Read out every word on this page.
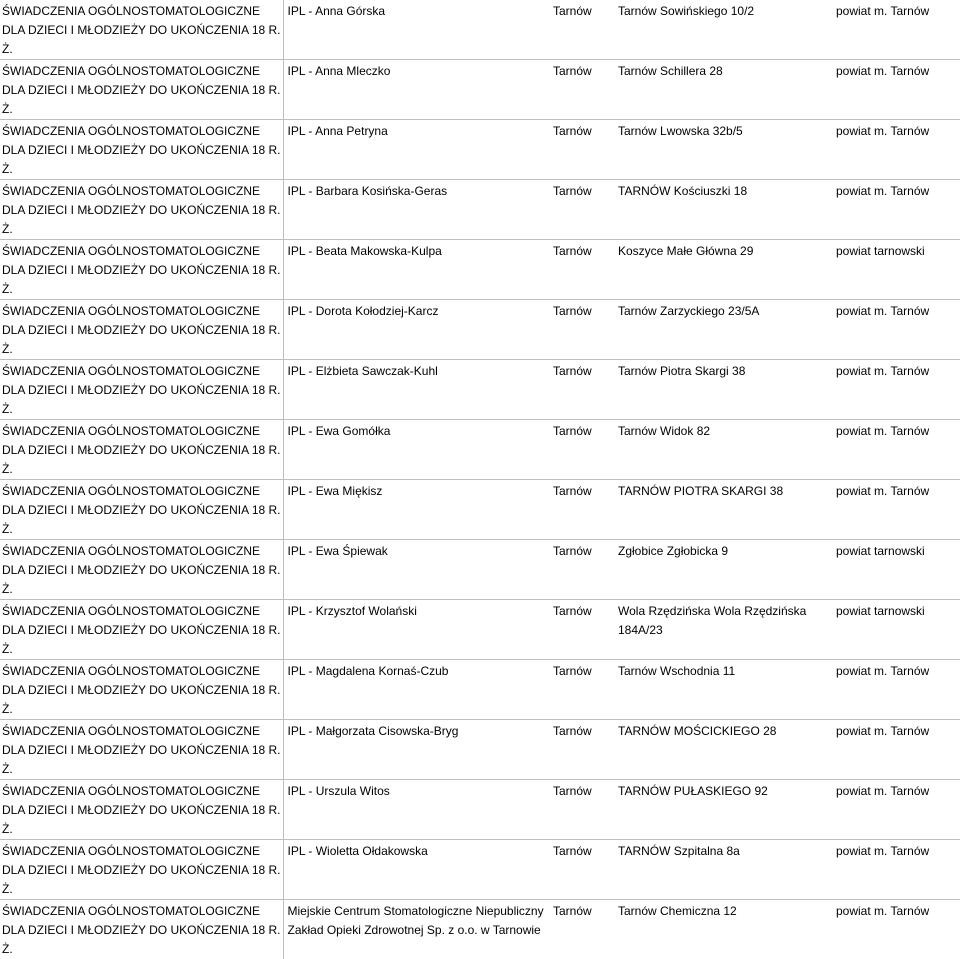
ŚWIADCZENIA OGÓLNOSTOMATOLOGICZNE DLA DZIECI I MŁODZIEŻY DO UKOŃCZENIA 18 R. Ż.	IPL - Anna Górska	Tarnów	Tarnów Sowińskiego 10/2	powiat m. Tarnów
ŚWIADCZENIA OGÓLNOSTOMATOLOGICZNE DLA DZIECI I MŁODZIEŻY DO UKOŃCZENIA 18 R. Ż.	IPL - Anna Mleczko	Tarnów	Tarnów Schillera 28	powiat m. Tarnów
ŚWIADCZENIA OGÓLNOSTOMATOLOGICZNE DLA DZIECI I MŁODZIEŻY DO UKOŃCZENIA 18 R. Ż.	IPL - Anna Petryna	Tarnów	Tarnów Lwowska 32b/5	powiat m. Tarnów
ŚWIADCZENIA OGÓLNOSTOMATOLOGICZNE DLA DZIECI I MŁODZIEŻY DO UKOŃCZENIA 18 R. Ż.	IPL - Barbara Kosińska-Geras	Tarnów	TARNÓW Kościuszki 18	powiat m. Tarnów
ŚWIADCZENIA OGÓLNOSTOMATOLOGICZNE DLA DZIECI I MŁODZIEŻY DO UKOŃCZENIA 18 R. Ż.	IPL - Beata Makowska-Kulpa	Tarnów	Koszyce Małe Główna 29	powiat tarnowski
ŚWIADCZENIA OGÓLNOSTOMATOLOGICZNE DLA DZIECI I MŁODZIEŻY DO UKOŃCZENIA 18 R. Ż.	IPL - Dorota Kołodziej-Karcz	Tarnów	Tarnów Zarzyckiego 23/5A	powiat m. Tarnów
ŚWIADCZENIA OGÓLNOSTOMATOLOGICZNE DLA DZIECI I MŁODZIEŻY DO UKOŃCZENIA 18 R. Ż.	IPL - Elżbieta Sawczak-Kuhl	Tarnów	Tarnów Piotra Skargi 38	powiat m. Tarnów
ŚWIADCZENIA OGÓLNOSTOMATOLOGICZNE DLA DZIECI I MŁODZIEŻY DO UKOŃCZENIA 18 R. Ż.	IPL - Ewa Gomółka	Tarnów	Tarnów Widok 82	powiat m. Tarnów
ŚWIADCZENIA OGÓLNOSTOMATOLOGICZNE DLA DZIECI I MŁODZIEŻY DO UKOŃCZENIA 18 R. Ż.	IPL - Ewa Miękisz	Tarnów	TARNÓW PIOTRA SKARGI 38	powiat m. Tarnów
ŚWIADCZENIA OGÓLNOSTOMATOLOGICZNE DLA DZIECI I MŁODZIEŻY DO UKOŃCZENIA 18 R. Ż.	IPL - Ewa Śpiewak	Tarnów	Zgłobice Zgłobicka 9	powiat tarnowski
ŚWIADCZENIA OGÓLNOSTOMATOLOGICZNE DLA DZIECI I MŁODZIEŻY DO UKOŃCZENIA 18 R. Ż.	IPL - Krzysztof Wolański	Tarnów	Wola Rzędzińska Wola Rzędzińska 184A/23	powiat tarnowski
ŚWIADCZENIA OGÓLNOSTOMATOLOGICZNE DLA DZIECI I MŁODZIEŻY DO UKOŃCZENIA 18 R. Ż.	IPL - Magdalena Kornaś-Czub	Tarnów	Tarnów Wschodnia 11	powiat m. Tarnów
ŚWIADCZENIA OGÓLNOSTOMATOLOGICZNE DLA DZIECI I MŁODZIEŻY DO UKOŃCZENIA 18 R. Ż.	IPL - Małgorzata Cisowska-Bryg	Tarnów	TARNÓW MOŚCICKIEGO 28	powiat m. Tarnów
ŚWIADCZENIA OGÓLNOSTOMATOLOGICZNE DLA DZIECI I MŁODZIEŻY DO UKOŃCZENIA 18 R. Ż.	IPL - Urszula Witos	Tarnów	TARNÓW PUŁASKIEGO 92	powiat m. Tarnów
ŚWIADCZENIA OGÓLNOSTOMATOLOGICZNE DLA DZIECI I MŁODZIEŻY DO UKOŃCZENIA 18 R. Ż.	IPL - Wioletta Ołdakowska	Tarnów	TARNÓW Szpitalna 8a	powiat m. Tarnów
ŚWIADCZENIA OGÓLNOSTOMATOLOGICZNE DLA DZIECI I MŁODZIEŻY DO UKOŃCZENIA 18 R. Ż.	Miejskie Centrum Stomatologiczne Niepubliczny Zakład Opieki Zdrowotnej Sp. z o.o. w Tarnowie	Tarnów	Tarnów Chemiczna 12	powiat m. Tarnów
